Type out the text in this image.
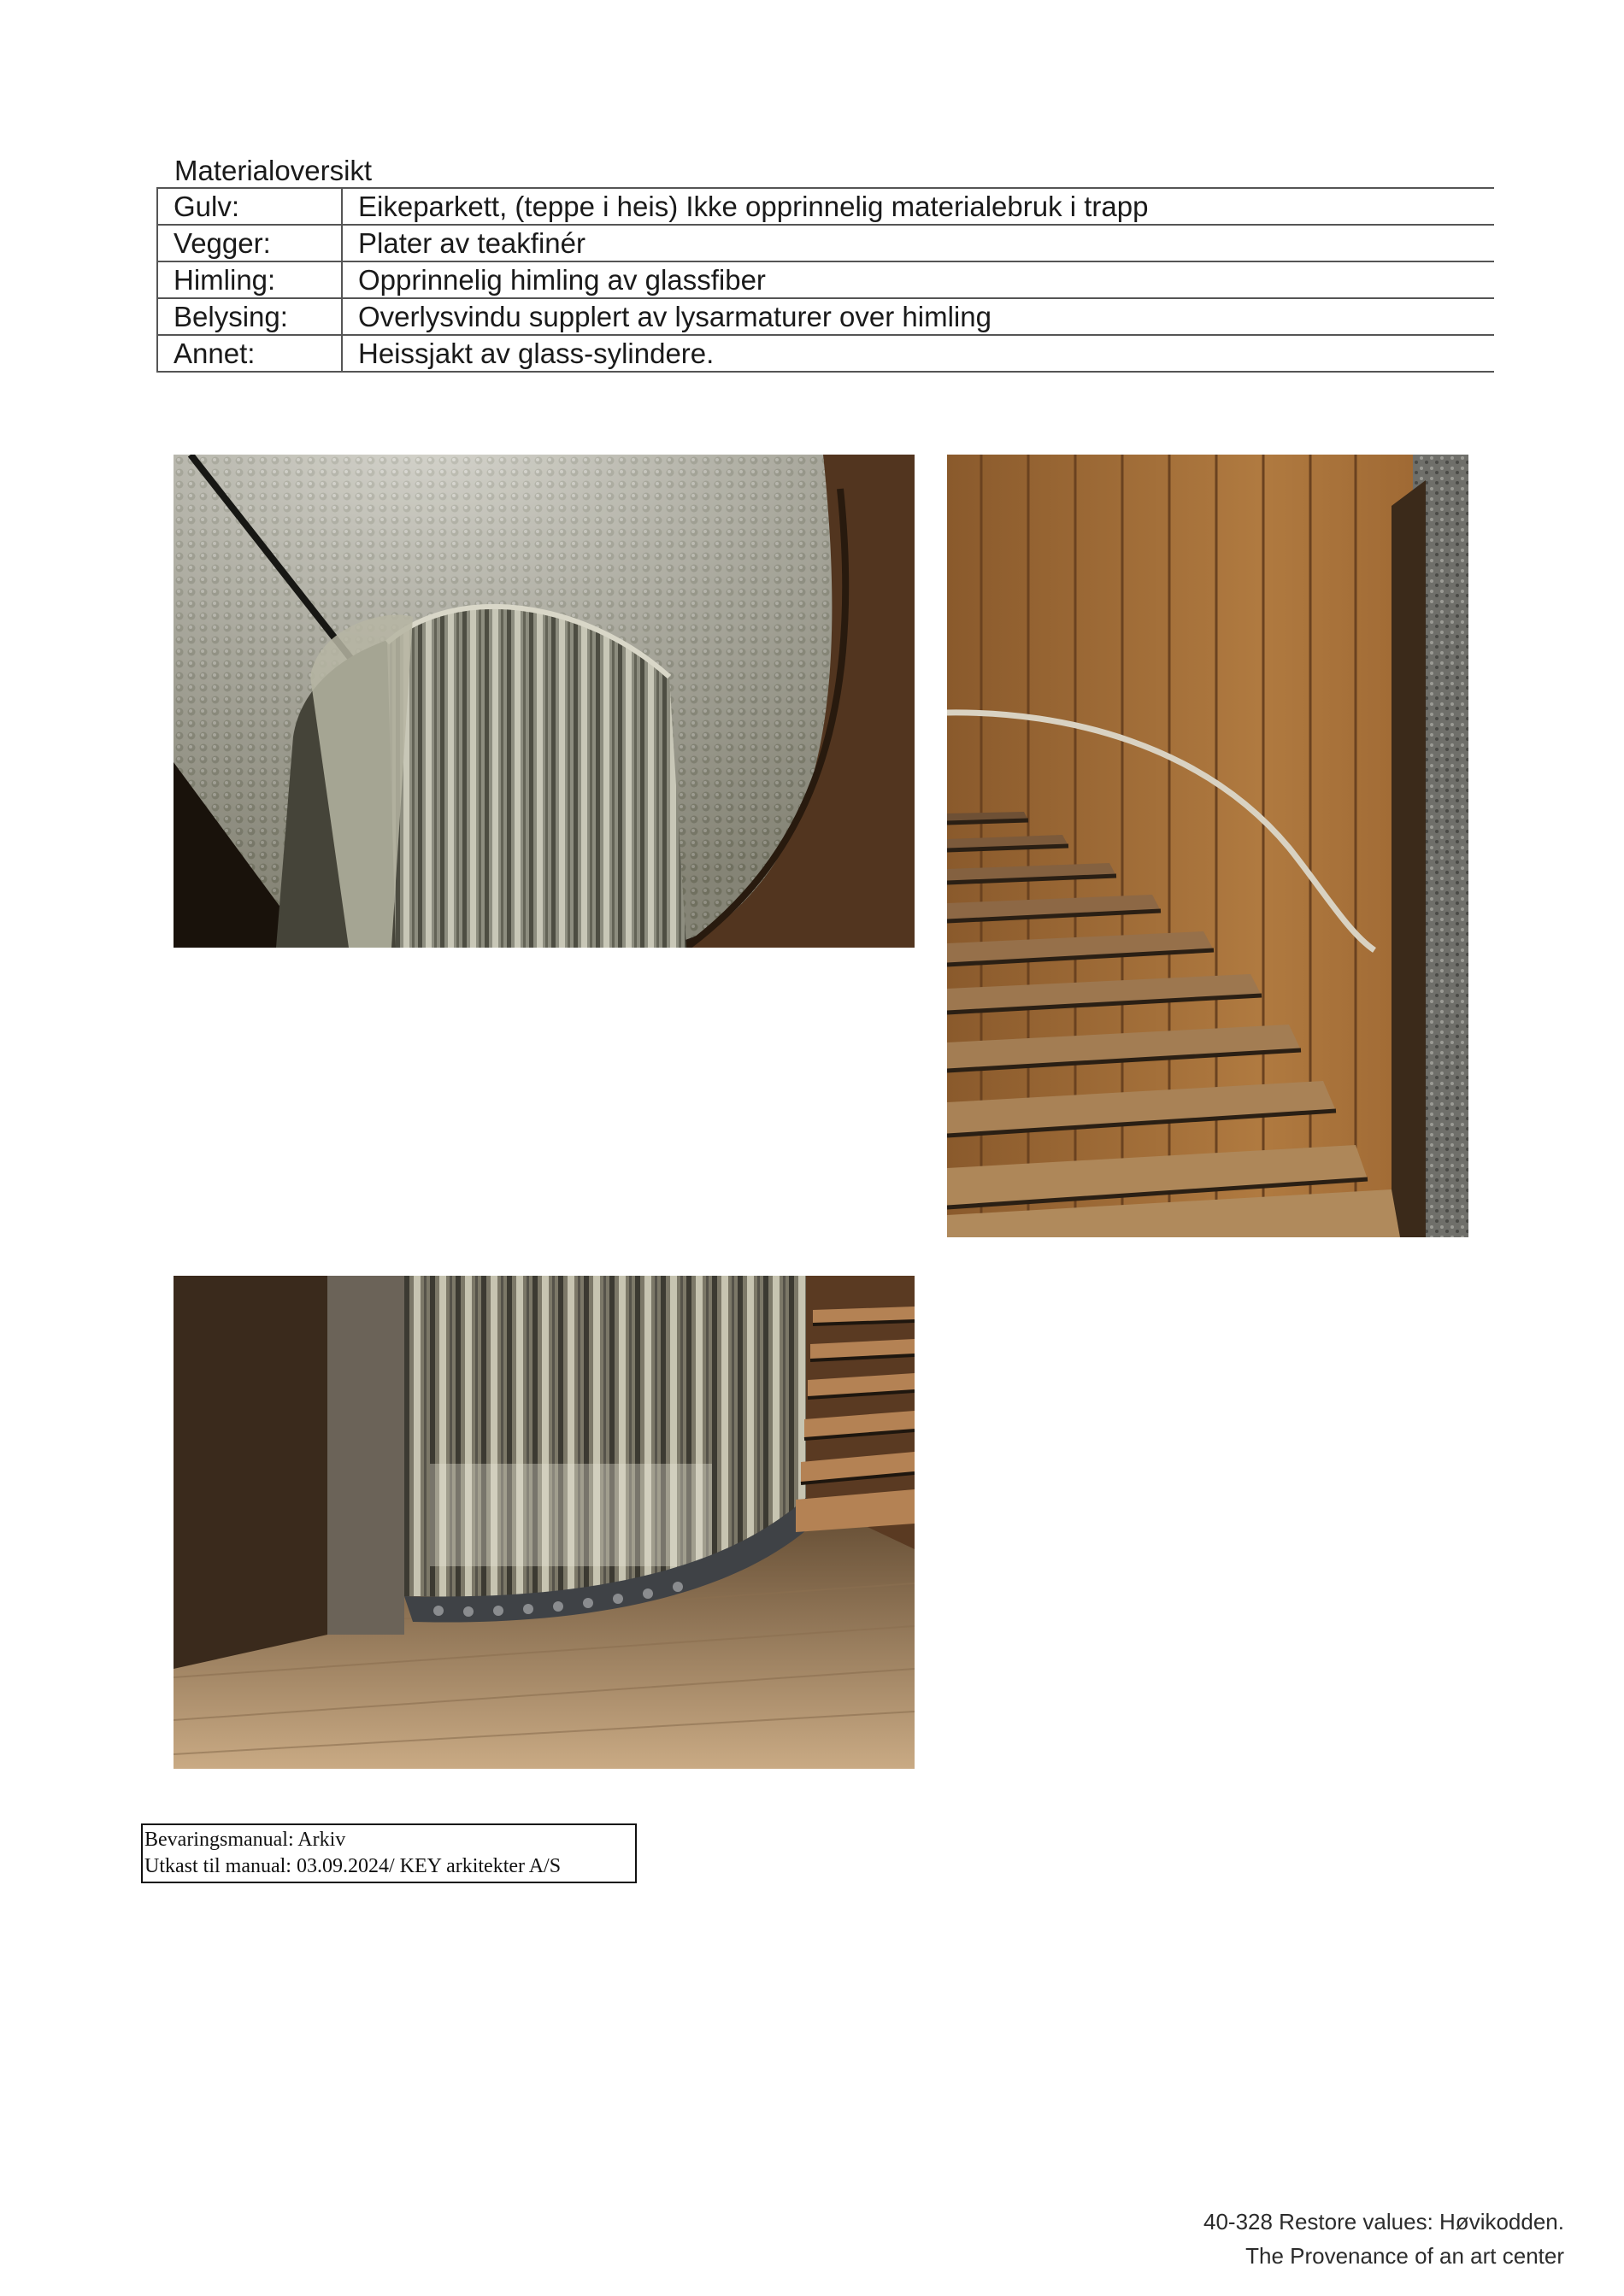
Materialoversikt
Gulv:	Eikeparkett, (teppe i heis) Ikke opprinnelig materialebruk i trapp
Vegger:	Plater av teakfinér
Himling:	Opprinnelig himling av glassfiber
Belysing:	Overlysvindu supplert av lysarmaturer over himling
Annet:	Heissjakt av glass-sylindere.
Bevaringsmanual: Arkiv
Utkast til manual: 03.09.2024/ KEY arkitekter A/S
40-328 Restore values: Høvikodden.
The Provenance of an art center
